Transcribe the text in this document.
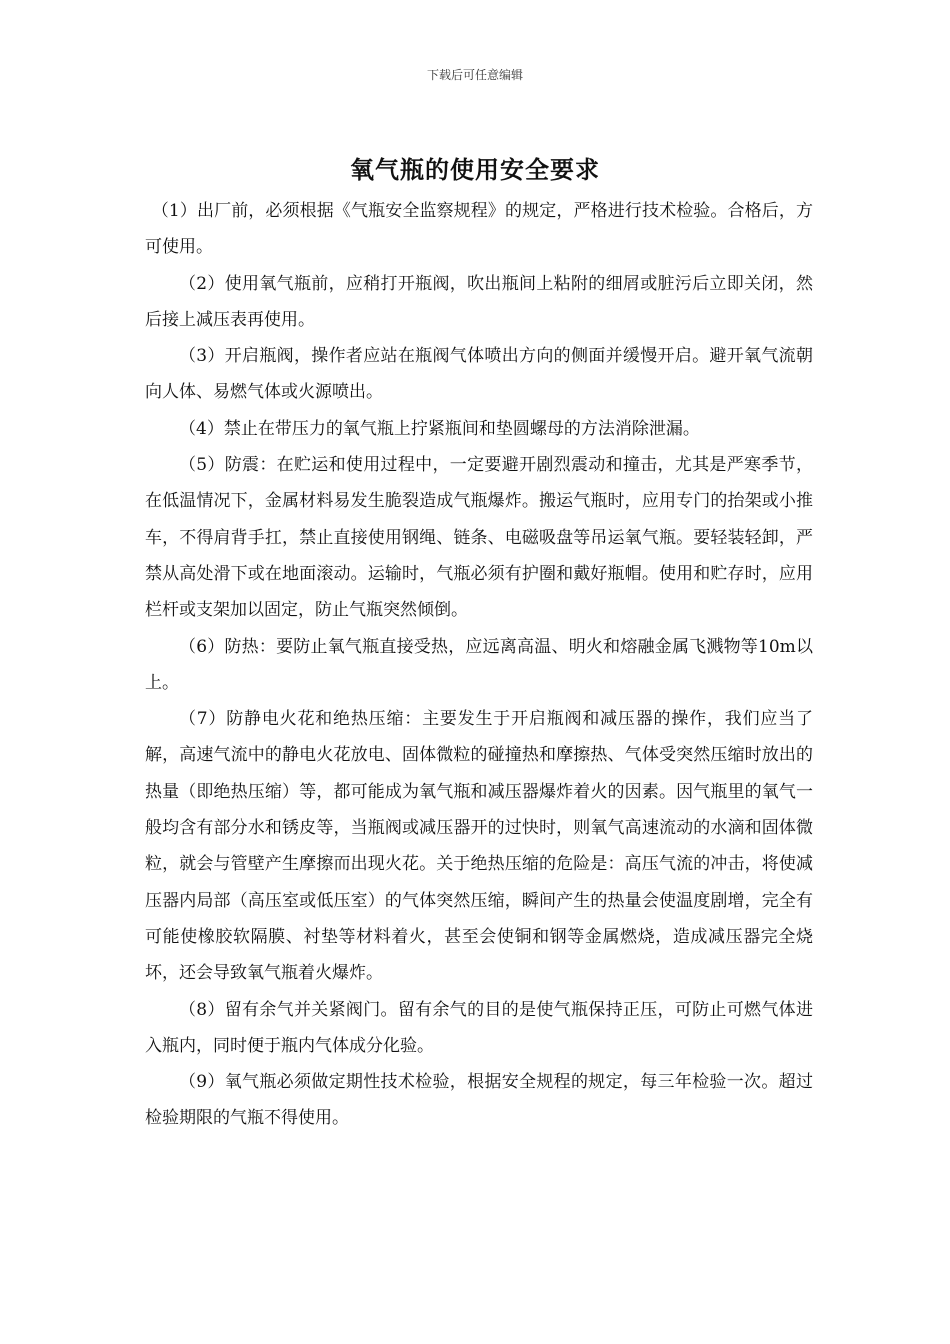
下载后可任意编辑
氧气瓶的使用安全要求

（1）出厂前，必须根据《气瓶安全监察规程》的规定，严格进行技术检验。合格后，方可使用。

（2）使用氧气瓶前，应稍打开瓶阀，吹出瓶间上粘附的细屑或脏污后立即关闭，然后接上减压表再使用。

（3）开启瓶阀，操作者应站在瓶阀气体喷出方向的侧面并缓慢开启。避开氧气流朝向人体、易燃气体或火源喷出。

（4）禁止在带压力的氧气瓶上拧紧瓶间和垫圆螺母的方法消除泄漏。

（5）防震：在贮运和使用过程中，一定要避开剧烈震动和撞击，尤其是严寒季节，在低温情况下，金属材料易发生脆裂造成气瓶爆炸。搬运气瓶时，应用专门的抬架或小推车，不得肩背手扛，禁止直接使用钢绳、链条、电磁吸盘等吊运氧气瓶。要轻装轻卸，严禁从高处滑下或在地面滚动。运输时，气瓶必须有护圈和戴好瓶帽。使用和贮存时，应用栏杆或支架加以固定，防止气瓶突然倾倒。

（6）防热：要防止氧气瓶直接受热，应远离高温、明火和熔融金属飞溅物等10m以上。

（7）防静电火花和绝热压缩：主要发生于开启瓶阀和减压器的操作，我们应当了解，高速气流中的静电火花放电、固体微粒的碰撞热和摩擦热、气体受突然压缩时放出的热量（即绝热压缩）等，都可能成为氧气瓶和减压器爆炸着火的因素。因气瓶里的氧气一般均含有部分水和锈皮等，当瓶阀或减压器开的过快时，则氧气高速流动的水滴和固体微粒，就会与管壁产生摩擦而出现火花。关于绝热压缩的危险是：高压气流的冲击，将使减压器内局部（高压室或低压室）的气体突然压缩，瞬间产生的热量会使温度剧增，完全有可能使橡胶软隔膜、衬垫等材料着火，甚至会使铜和钢等金属燃烧，造成减压器完全烧坏，还会导致氧气瓶着火爆炸。

（8）留有余气并关紧阀门。留有余气的目的是使气瓶保持正压，可防止可燃气体进入瓶内，同时便于瓶内气体成分化验。

（9）氧气瓶必须做定期性技术检验，根据安全规程的规定，每三年检验一次。超过检验期限的气瓶不得使用。
